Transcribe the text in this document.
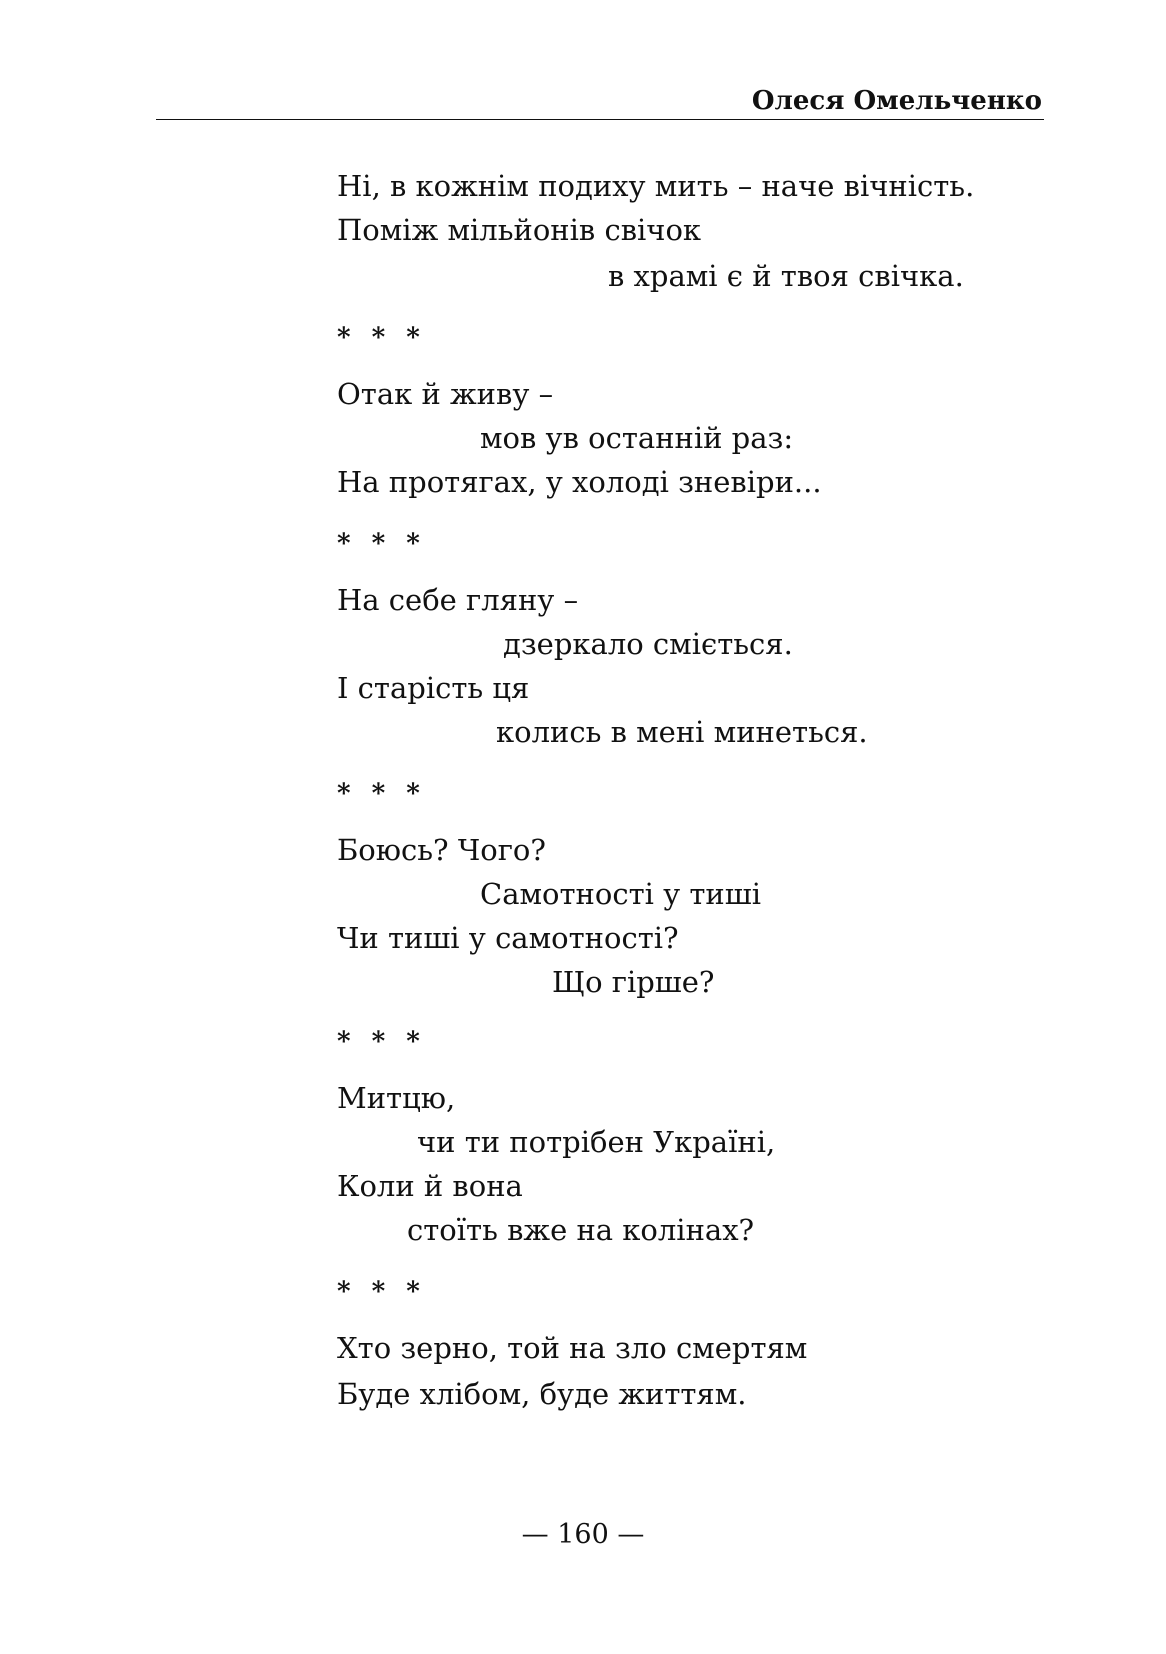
Олеся Омельченко
Ні, в кожнім подиху мить – наче вічність.
Поміж мільйонів свічок
в храмі є й твоя свічка.
* * *
Отак й живу –
мов ув останній раз:
На протягах, у холоді зневіри...
* * *
На себе гляну –
дзеркало сміється.
І старість ця
колись в мені минеться.
* * *
Боюсь? Чого?
Самотності у тиші
Чи тиші у самотності?
Що гірше?
* * *
Митцю,
чи ти потрібен Україні,
Коли й вона
стоїть вже на колінах?
* * *
Хто зерно, той на зло смертям
Буде хлібом, буде життям.
— 160 —
